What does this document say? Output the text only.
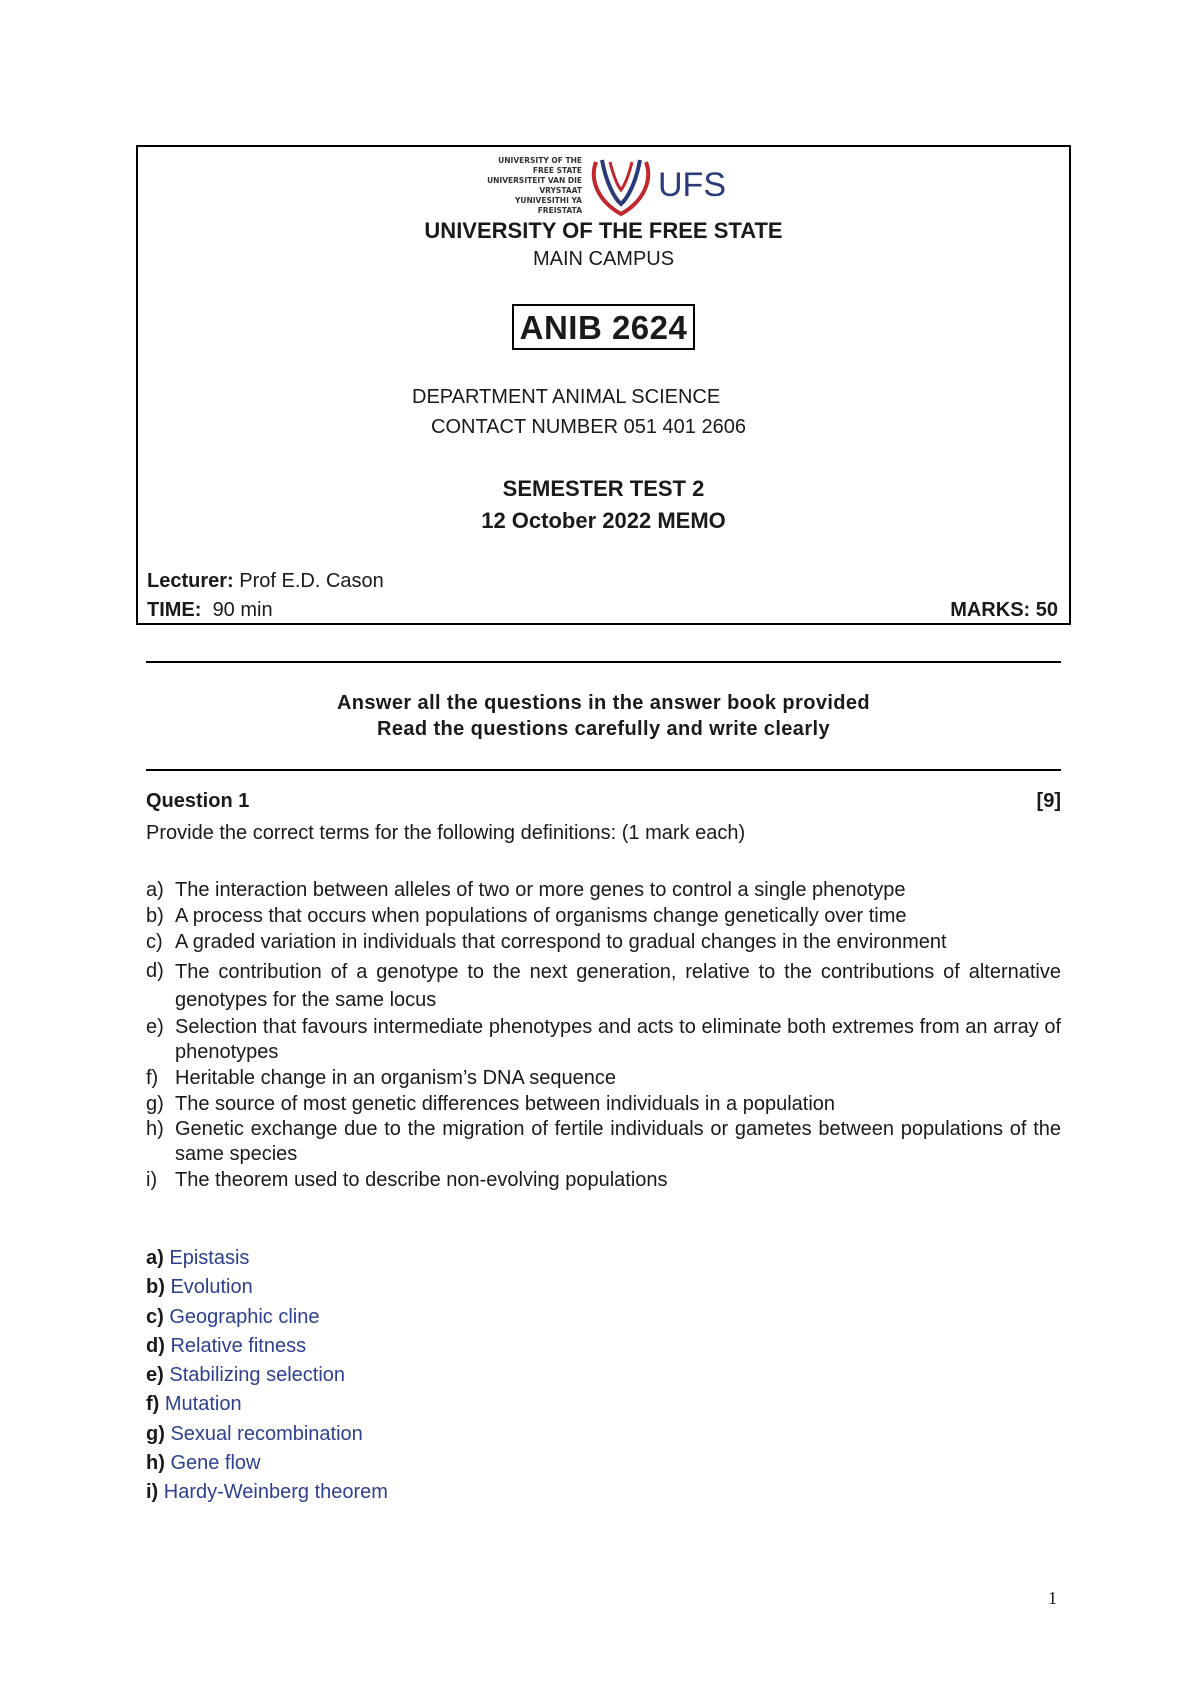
UNIVERSITY OF THE
FREE STATE
UNIVERSITEIT VAN DIE
VRYSTAAT
YUNIVESITHI YA
FREISTATA
UFS
UNIVERSITY OF THE FREE STATE
MAIN CAMPUS
ANIB 2624
DEPARTMENT ANIMAL SCIENCE
CONTACT NUMBER 051 401 2606
SEMESTER TEST 2
12 October 2022 MEMO
Lecturer: Prof E.D. Cason
TIME: 90 min	MARKS: 50
Answer all the questions in the answer book provided
Read the questions carefully and write clearly
Question 1	[9]
Provide the correct terms for the following definitions: (1 mark each)
a) The interaction between alleles of two or more genes to control a single phenotype
b) A process that occurs when populations of organisms change genetically over time
c) A graded variation in individuals that correspond to gradual changes in the environment
d) The contribution of a genotype to the next generation, relative to the contributions of alternative genotypes for the same locus
e) Selection that favours intermediate phenotypes and acts to eliminate both extremes from an array of phenotypes
f) Heritable change in an organism’s DNA sequence
g) The source of most genetic differences between individuals in a population
h) Genetic exchange due to the migration of fertile individuals or gametes between populations of the same species
i) The theorem used to describe non-evolving populations
a) Epistasis
b) Evolution
c) Geographic cline
d) Relative fitness
e) Stabilizing selection
f) Mutation
g) Sexual recombination
h) Gene flow
i) Hardy-Weinberg theorem
1
